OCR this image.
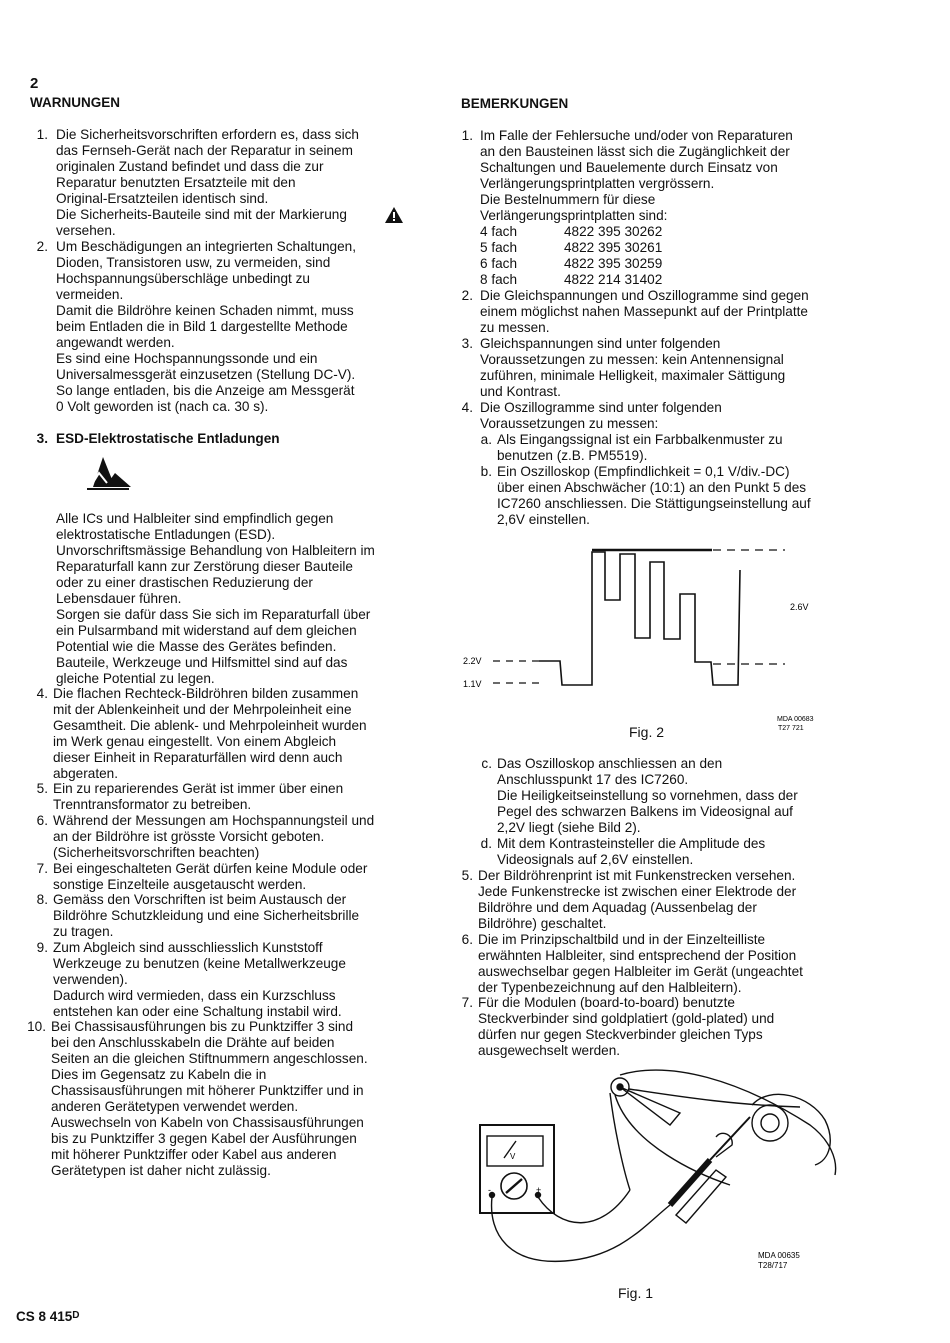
2
WARNUNGEN	BEMERKUNGEN
1. Die Sicherheitsvorschriften erfordern es, dass sich
das Fernseh-Gerät nach der Reparatur in seinem
originalen Zustand befindet und dass die zur
Reparatur benutzten Ersatzteile mit den
Original-Ersatzteilen identisch sind.
Die Sicherheits-Bauteile sind mit der Markierung
versehen.
2. Um Beschädigungen an integrierten Schaltungen,
Dioden, Transistoren usw, zu vermeiden, sind
Hochspannungsüberschläge unbedingt zu
vermeiden.
Damit die Bildröhre keinen Schaden nimmt, muss
beim Entladen die in Bild 1 dargestellte Methode
angewandt werden.
Es sind eine Hochspannungssonde und ein
Universalmessgerät einzusetzen (Stellung DC-V).
So lange entladen, bis die Anzeige am Messgerät
0 Volt geworden ist (nach ca. 30 s).
3. ESD-Elektrostatische Entladungen
Alle ICs und Halbleiter sind empfindlich gegen
elektrostatische Entladungen (ESD).
Unvorschriftsmässige Behandlung von Halbleitern im
Reparaturfall kann zur Zerstörung dieser Bauteile
oder zu einer drastischen Reduzierung der
Lebensdauer führen.
Sorgen sie dafür dass Sie sich im Reparaturfall über
ein Pulsarmband mit widerstand auf dem gleichen
Potential wie die Masse des Gerätes befinden.
Bauteile, Werkzeuge und Hilfsmittel sind auf das
gleiche Potential zu legen.
4. Die flachen Rechteck-Bildröhren bilden zusammen
mit der Ablenkeinheit und der Mehrpoleinheit eine
Gesamtheit. Die ablenk- und Mehrpoleinheit wurden
im Werk genau eingestellt. Von einem Abgleich
dieser Einheit in Reparaturfällen wird denn auch
abgeraten.
5. Ein zu reparierendes Gerät ist immer über einen
Trenntransformator zu betreiben.
6. Während der Messungen am Hochspannungsteil und
an der Bildröhre ist grösste Vorsicht geboten.
(Sicherheitsvorschriften beachten)
7. Bei eingeschalteten Gerät dürfen keine Module oder
sonstige Einzelteile ausgetauscht werden.
8. Gemäss den Vorschriften ist beim Austausch der
Bildröhre Schutzkleidung und eine Sicherheitsbrille
zu tragen.
9. Zum Abgleich sind ausschliesslich Kunststoff
Werkzeuge zu benutzen (keine Metallwerkzeuge
verwenden).
Dadurch wird vermieden, dass ein Kurzschluss
entstehen kan oder eine Schaltung instabil wird.
10. Bei Chassisausführungen bis zu Punktziffer 3 sind
bei den Anschlusskabeln die Drähte auf beiden
Seiten an die gleichen Stiftnummern angeschlossen.
Dies im Gegensatz zu Kabeln die in
Chassisausführungen mit höherer Punktziffer und in
anderen Gerätetypen verwendet werden.
Auswechseln von Kabeln von Chassisausführungen
bis zu Punktziffer 3 gegen Kabel der Ausführungen
mit höherer Punktziffer oder Kabel aus anderen
Gerätetypen ist daher nicht zulässig.
1. Im Falle der Fehlersuche und/oder von Reparaturen
an den Bausteinen lässt sich die Zugänglichkeit der
Schaltungen und Bauelemente durch Einsatz von
Verlängerungsprintplatten vergrössern.
Die Bestelnummern für diese
Verlängerungsprintplatten sind:
4 fach	4822 395 30262
5 fach	4822 395 30261
6 fach	4822 395 30259
8 fach	4822 214 31402
2. Die Gleichspannungen und Oszillogramme sind gegen
einem möglichst nahen Massepunkt auf der Printplatte
zu messen.
3. Gleichspannungen sind unter folgenden
Voraussetzungen zu messen: kein Antennensignal
zuführen, minimale Helligkeit, maximaler Sättigung
und Kontrast.
4. Die Oszillogramme sind unter folgenden
Voraussetzungen zu messen:
a. Als Eingangssignal ist ein Farbbalkenmuster zu
benutzen (z.B. PM5519).
b. Ein Oszilloskop (Empfindlichkeit = 0,1 V/div.-DC)
über einen Abschwächer (10:1) an den Punkt 5 des
IC7260 anschliessen. Die Stättigungseinstellung auf
2,6V einstellen.
2.6V
2.2V
1.1V
MDA 00683
T27 721
Fig. 2
c. Das Oszilloskop anschliessen an den
Anschlusspunkt 17 des IC7260.
Die Heiligkeitseinstellung so vornehmen, dass der
Pegel des schwarzen Balkens im Videosignal auf
2,2V liegt (siehe Bild 2).
d. Mit dem Kontrasteinsteller die Amplitude des
Videosignals auf 2,6V einstellen.
5. Der Bildröhrenprint ist mit Funkenstrecken versehen.
Jede Funkenstrecke ist zwischen einer Elektrode der
Bildröhre und dem Aquadag (Aussenbelag der
Bildröhre) geschaltet.
6. Die im Prinzipschaltbild und in der Einzelteilliste
erwähnten Halbleiter, sind entsprechend der Position
auswechselbar gegen Halbleiter im Gerät (ungeachtet
der Typenbezeichnung auf den Halbleitern).
7. Für die Modulen (board-to-board) benutzte
Steckverbinder sind goldplatiert (gold-plated) und
dürfen nur gegen Steckverbinder gleichen Typs
ausgewechselt werden.
V
-	+
MDA 00635
T28/717
Fig. 1
CS 8 $415^D$
